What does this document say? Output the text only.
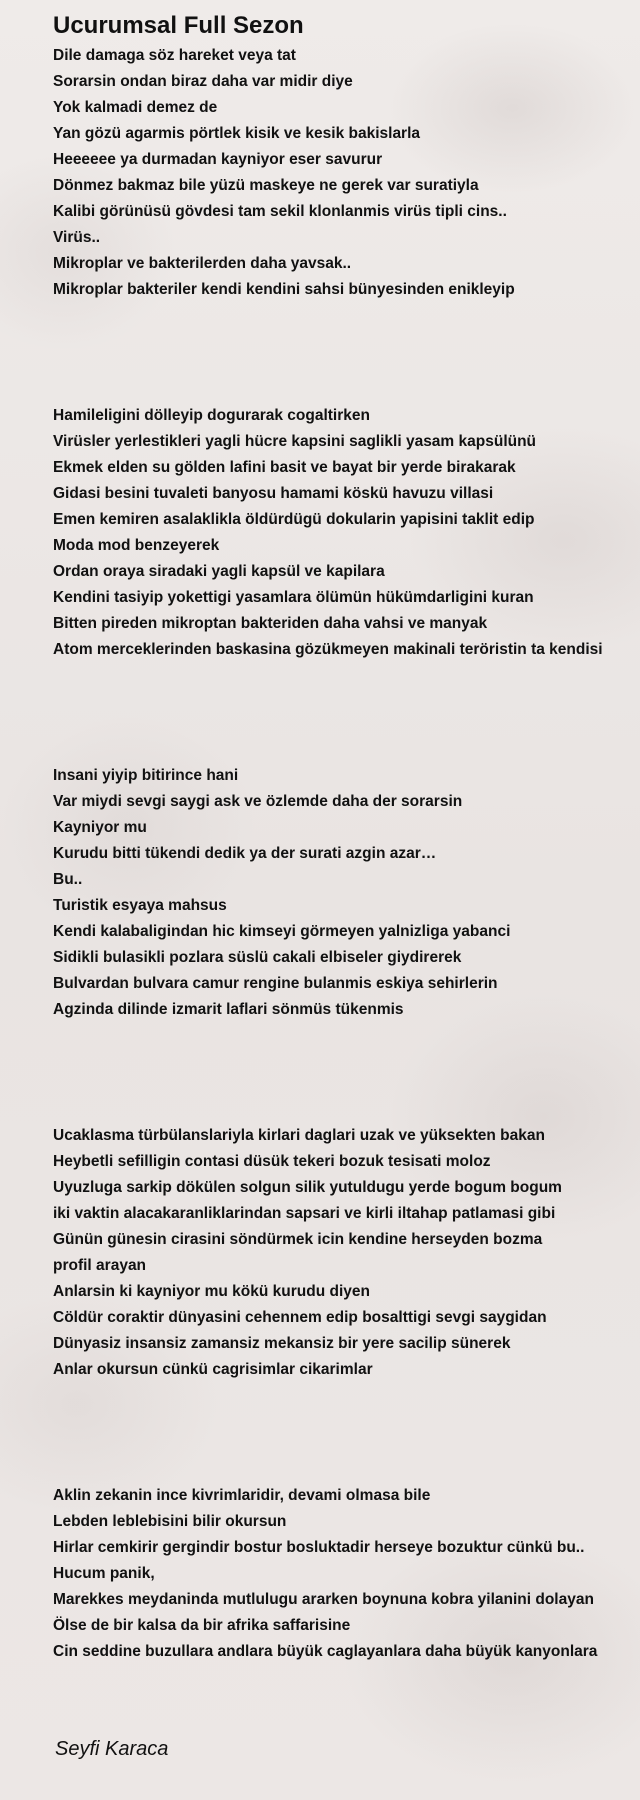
Ucurumsal Full Sezon
Dile damaga söz hareket veya tat
Sorarsin ondan biraz daha var midir diye
Yok kalmadi demez de
Yan gözü agarmis pörtlek kisik ve kesik bakislarla
Heeeeee ya durmadan kayniyor eser savurur
Dönmez bakmaz bile yüzü maskeye ne gerek var suratiyla
Kalibi görünüsü gövdesi tam sekil klonlanmis virüs tipli cins..
Virüs..
Mikroplar ve bakterilerden daha yavsak..
Mikroplar bakteriler kendi kendini sahsi bünyesinden enikleyip
Hamileligini dölleyip dogurarak cogaltirken
Virüsler yerlestikleri yagli hücre kapsini saglikli yasam kapsülünü
Ekmek elden su gölden lafini basit ve bayat bir yerde birakarak
Gidasi besini tuvaleti banyosu hamami köskü havuzu villasi
Emen kemiren asalaklikla öldürdügü dokularin yapisini taklit edip
Moda mod benzeyerek
Ordan oraya siradaki yagli kapsül ve kapilara
Kendini tasiyip yokettigi yasamlara ölümün hükümdarligini kuran
Bitten pireden mikroptan bakteriden daha vahsi ve manyak
Atom merceklerinden baskasina gözükmeyen makinali teröristin ta kendisi
Insani yiyip bitirince hani
Var miydi sevgi saygi ask ve özlemde daha der sorarsin
Kayniyor mu
Kurudu bitti tükendi dedik ya der surati azgin azar…
Bu..
Turistik esyaya mahsus
Kendi kalabaligindan hic kimseyi görmeyen yalnizliga yabanci
Sidikli bulasikli pozlara süslü cakali elbiseler giydirerek
Bulvardan bulvara camur rengine bulanmis eskiya sehirlerin
Agzinda dilinde izmarit laflari sönmüs tükenmis
Ucaklasma türbülanslariyla kirlari daglari uzak ve yüksekten bakan
Heybetli sefilligin contasi düsük tekeri bozuk tesisati moloz
Uyuzluga sarkip dökülen solgun silik yutuldugu yerde bogum bogum
iki vaktin alacakaranliklarindan sapsari ve kirli iltahap patlamasi gibi
Günün günesin cirasini söndürmek icin kendine herseyden bozma
profil arayan
Anlarsin ki kayniyor mu kökü kurudu diyen
Cöldür coraktir dünyasini cehennem edip bosalttigi sevgi saygidan
Dünyasiz insansiz zamansiz mekansiz bir yere sacilip sünerek
Anlar okursun cünkü cagrisimlar cikarimlar
Aklin zekanin ince kivrimlaridir, devami olmasa bile
Lebden leblebisini bilir okursun
Hirlar cemkirir gergindir bostur bosluktadir herseye bozuktur cünkü bu..
Hucum panik,
Marekkes meydaninda mutlulugu ararken boynuna kobra yilanini dolayan
Ölse de bir kalsa da bir afrika saffarisine
Cin seddine buzullara andlara büyük caglayanlara daha büyük kanyonlara
Seyfi Karaca
